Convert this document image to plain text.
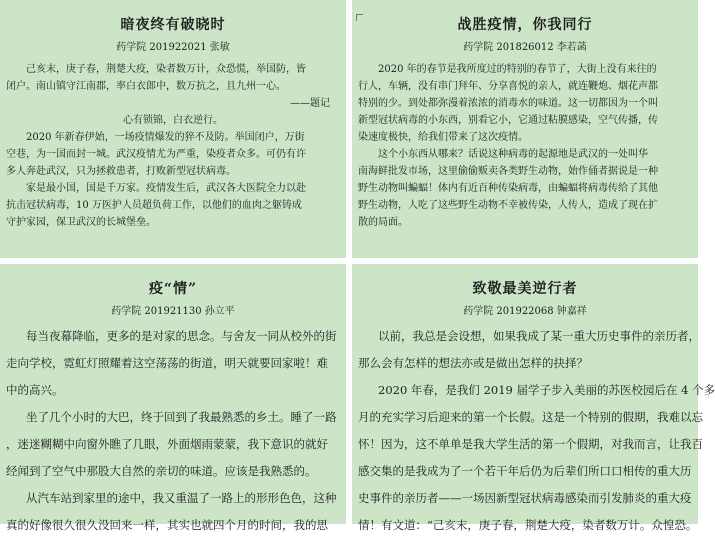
暗夜终有破晓时
药学院 201922021 张敏

己亥末，庚子春，荆楚大疫，染者数万计，众恐慌，举国防，皆

闭户。南山镇守江南郡，率白衣郎中，数万抗之，且九州一心。

——题记

心有锁锦，白衣逆行。

2020 年新春伊始，一场疫情爆发的猝不及防。举国闭户，万街

空巷，为一国而封一城。武汉疫情尤为严重，染疫者众多。可仍有许

多人奔赴武汉，只为拯救患者，打败新型冠状病毒。

家是最小国，国是千万家。疫情发生后，武汉各大医院全力以赴

抗击冠状病毒，10 万医护人员超负荷工作，以他们的血肉之躯铸成

守护家园，保卫武汉的长城堡垒。

战胜疫情，你我同行
药学院 201826012 李若菡

2020 年的春节是我所度过的特别的春节了，大街上没有来往的

行人，车辆，没有串门拜年、分享喜悦的亲人，就连鞭炮、烟花声都

特别的少。到处都弥漫着浓浓的消毒水的味道。这一切都因为一个叫

新型冠状病毒的小东西，别看它小，它通过粘膜感染，空气传播，传

染速度极快，给我们带来了这次疫情。

这个小东西从哪来？话说这种病毒的起源地是武汉的一处叫华

南海鲜批发市场，这里偷偷贩卖各类野生动物，始作俑者据说是一种

野生动物叫蝙蝠！体内有近百种传染病毒，由蝙蝠将病毒传给了其他

野生动物，人吃了这些野生动物不幸被传染，人传人，造成了现在扩

散的局面。

疫“情”
药学院 201921130 孙立平

每当夜幕降临，更多的是对家的思念。与舍友一同从校外的街

走向学校，霓虹灯照耀着这空荡荡的街道，明天就要回家啦！难

中的高兴。

坐了几个小时的大巴，终于回到了我最熟悉的乡土。睡了一路

，迷迷糊糊中向窗外瞧了几眼，外面烟雨蒙蒙，我下意识的就好

经闻到了空气中那股大自然的亲切的味道。应该是我熟悉的。

从汽车站到家里的途中，我又重温了一路上的形形色色，这种

真的好像很久很久没回来一样，其实也就四个月的时间，我的思

致敬最美逆行者
药学院 201922068 钟嘉祥

以前，我总是会设想，如果我成了某一重大历史事件的亲历者，

那么会有怎样的想法亦或是做出怎样的抉择？

2020 年春，是我们 2019 届学子步入美丽的苏医校园后在 4 个多

月的充实学习后迎来的第一个长假。这是一个特别的假期，我难以忘

怀！因为，这不单单是我大学生活的第一个假期，对我而言，让我百

感交集的是我成为了一个若干年后仍为后辈们所口口相传的重大历

史事件的亲历者——一场因新型冠状病毒感染而引发肺炎的重大疫

情！有文道：“己亥末，庚子春，荆楚大疫，染者数万计。众惶恐。
